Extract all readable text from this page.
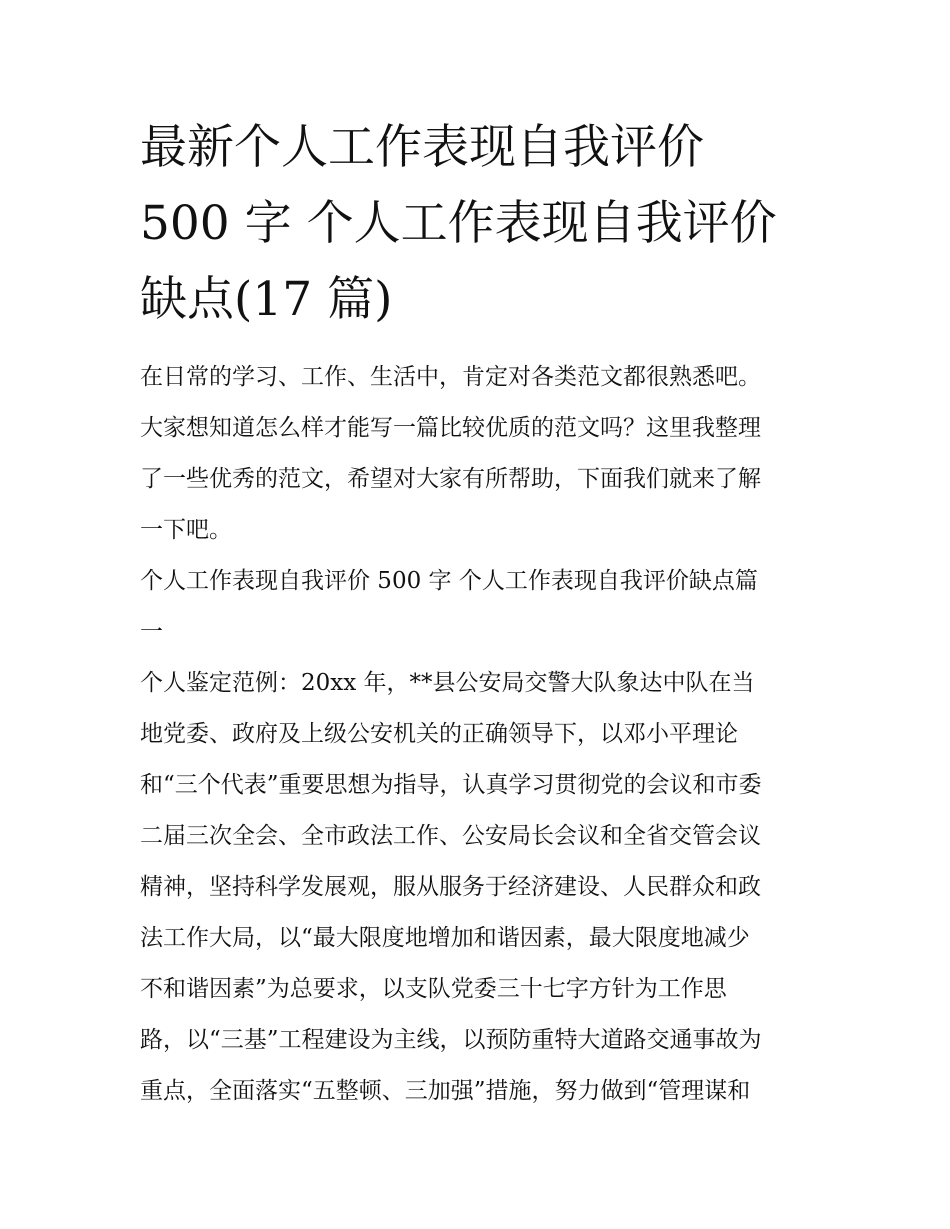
最新个人工作表现自我评价
500 字 个人工作表现自我评价
缺点(17 篇)
在日常的学习、工作、生活中，肯定对各类范文都很熟悉吧。
大家想知道怎么样才能写一篇比较优质的范文吗？这里我整理
了一些优秀的范文，希望对大家有所帮助，下面我们就来了解
一下吧。
个人工作表现自我评价 500 字 个人工作表现自我评价缺点篇
一
个人鉴定范例：20xx 年，**县公安局交警大队象达中队在当
地党委、政府及上级公安机关的正确领导下，以邓小平理论
和“三个代表”重要思想为指导，认真学习贯彻党的会议和市委
二届三次全会、全市政法工作、公安局长会议和全省交管会议
精神，坚持科学发展观，服从服务于经济建设、人民群众和政
法工作大局，以“最大限度地增加和谐因素，最大限度地减少
不和谐因素”为总要求，以支队党委三十七字方针为工作思
路，以“三基”工程建设为主线，以预防重特大道路交通事故为
重点，全面落实“五整顿、三加强”措施，努力做到“管理谋和
